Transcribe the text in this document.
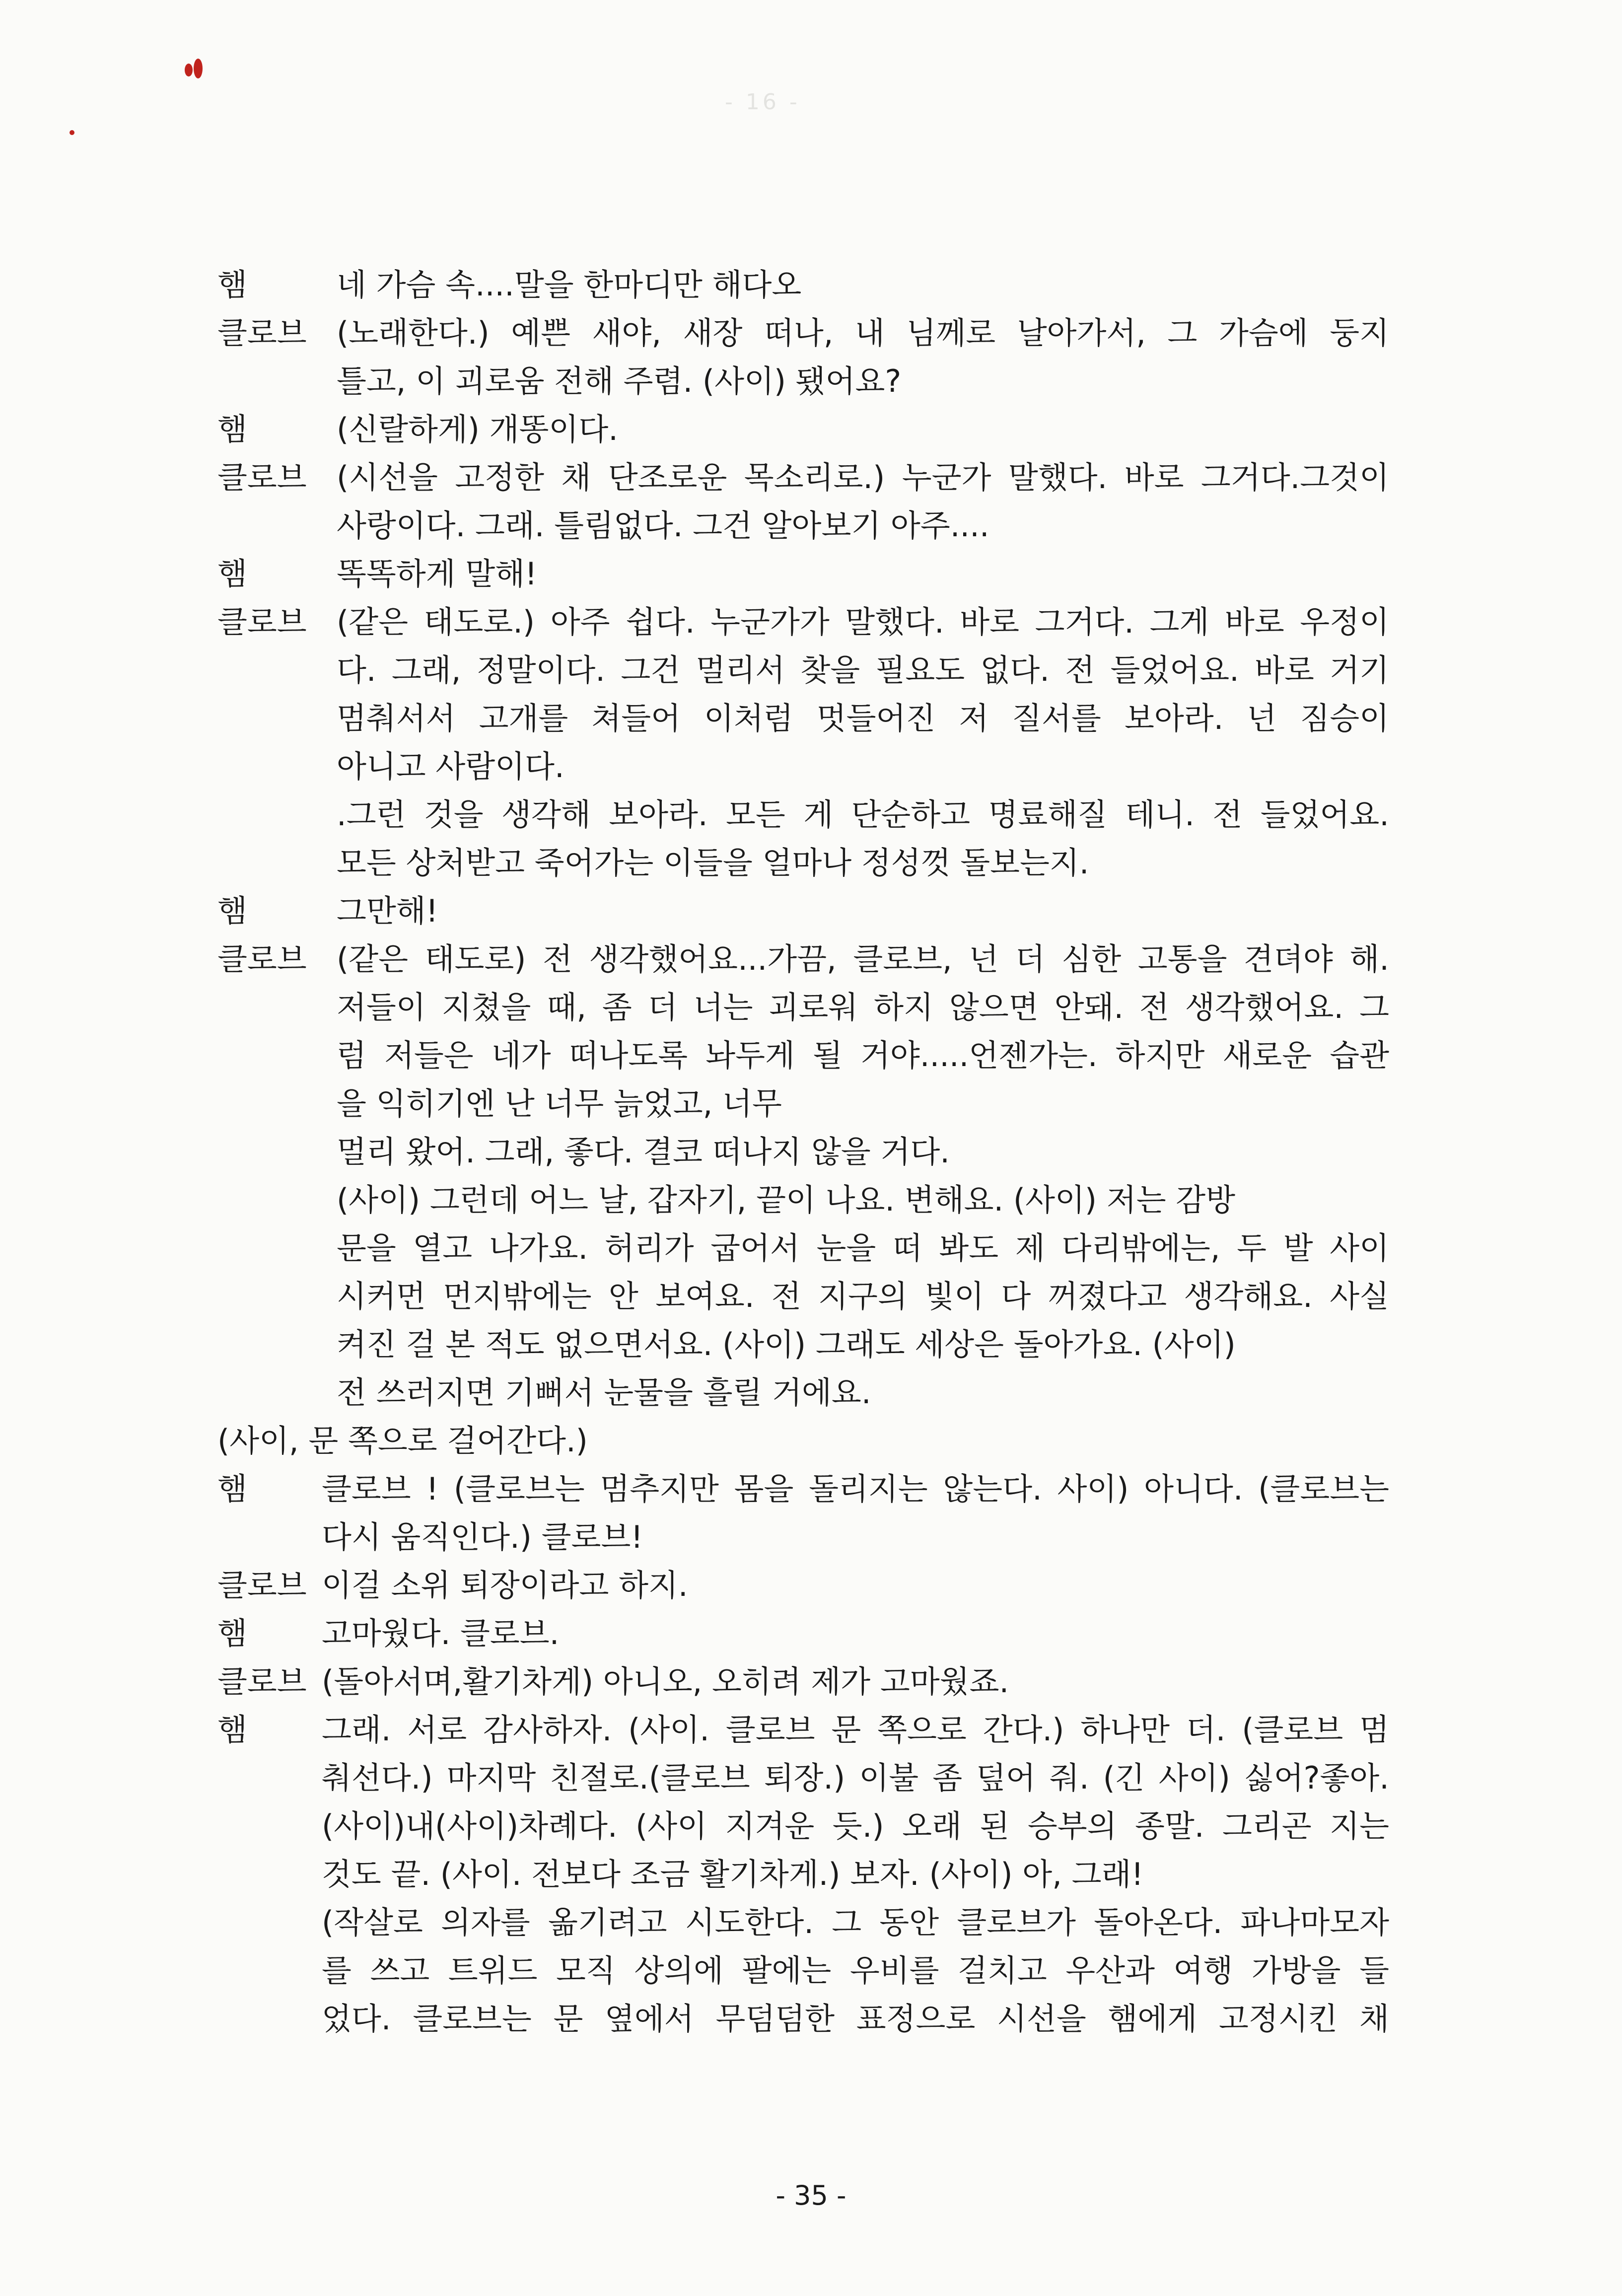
- 16 -
햄	네 가슴 속....말을 한마디만 해다오
클로브 (노래한다.) 예쁜 새야, 새장 떠나, 내 님께로 날아가서, 그 가슴에 둥지
틀고, 이 괴로움 전해 주렴. (사이) 됐어요?
햄	(신랄하게) 개똥이다.
클로브 (시선을 고정한 채 단조로운 목소리로.) 누군가 말했다. 바로 그거다.그것이
사랑이다. 그래. 틀림없다. 그건 알아보기 아주....
햄	똑똑하게 말해!
클로브 (같은 태도로.) 아주 쉽다. 누군가가 말했다. 바로 그거다. 그게 바로 우정이
다. 그래, 정말이다. 그건 멀리서 찾을 필요도 없다. 전 들었어요. 바로 거기
멈춰서서 고개를 쳐들어 이처럼 멋들어진 저 질서를 보아라. 넌 짐승이
아니고 사람이다.
.그런 것을 생각해 보아라. 모든 게 단순하고 명료해질 테니. 전 들었어요.
모든 상처받고 죽어가는 이들을 얼마나 정성껏 돌보는지.
햄	그만해!
클로브 (같은 태도로) 전 생각했어요...가끔, 클로브, 넌 더 심한 고통을 견뎌야 해.
저들이 지쳤을 때, 좀 더 너는 괴로워 하지 않으면 안돼. 전 생각했어요. 그
럼 저들은 네가 떠나도록 놔두게 될 거야.....언젠가는. 하지만 새로운 습관
을 익히기엔 난 너무 늙었고, 너무
멀리 왔어. 그래, 좋다. 결코 떠나지 않을 거다.
(사이) 그런데 어느 날, 갑자기, 끝이 나요. 변해요. (사이) 저는 감방
문을 열고 나가요. 허리가 굽어서 눈을 떠 봐도 제 다리밖에는, 두 발 사이
시커먼 먼지밖에는 안 보여요. 전 지구의 빛이 다 꺼졌다고 생각해요. 사실
켜진 걸 본 적도 없으면서요. (사이) 그래도 세상은 돌아가요. (사이)
전 쓰러지면 기뻐서 눈물을 흘릴 거에요.
(사이, 문 쪽으로 걸어간다.)
햄	클로브 ! (클로브는 멈추지만 몸을 돌리지는 않는다. 사이) 아니다. (클로브는
다시 움직인다.) 클로브!
클로브 이걸 소위 퇴장이라고 하지.
햄	고마웠다. 클로브.
클로브 (돌아서며,활기차게) 아니오, 오히려 제가 고마웠죠.
햄	그래. 서로 감사하자. (사이. 클로브 문 쪽으로 간다.) 하나만 더. (클로브 멈
춰선다.) 마지막 친절로.(클로브 퇴장.) 이불 좀 덮어 줘. (긴 사이) 싫어?좋아.
(사이)내(사이)차례다. (사이 지겨운 듯.) 오래 된 승부의 종말. 그리곤 지는
것도 끝. (사이. 전보다 조금 활기차게.) 보자. (사이) 아, 그래!
(작살로 의자를 옮기려고 시도한다. 그 동안 클로브가 돌아온다. 파나마모자
를 쓰고 트위드 모직 상의에 팔에는 우비를 걸치고 우산과 여행 가방을 들
었다. 클로브는 문 옆에서 무덤덤한 표정으로 시선을 햄에게 고정시킨 채
- 35 -
